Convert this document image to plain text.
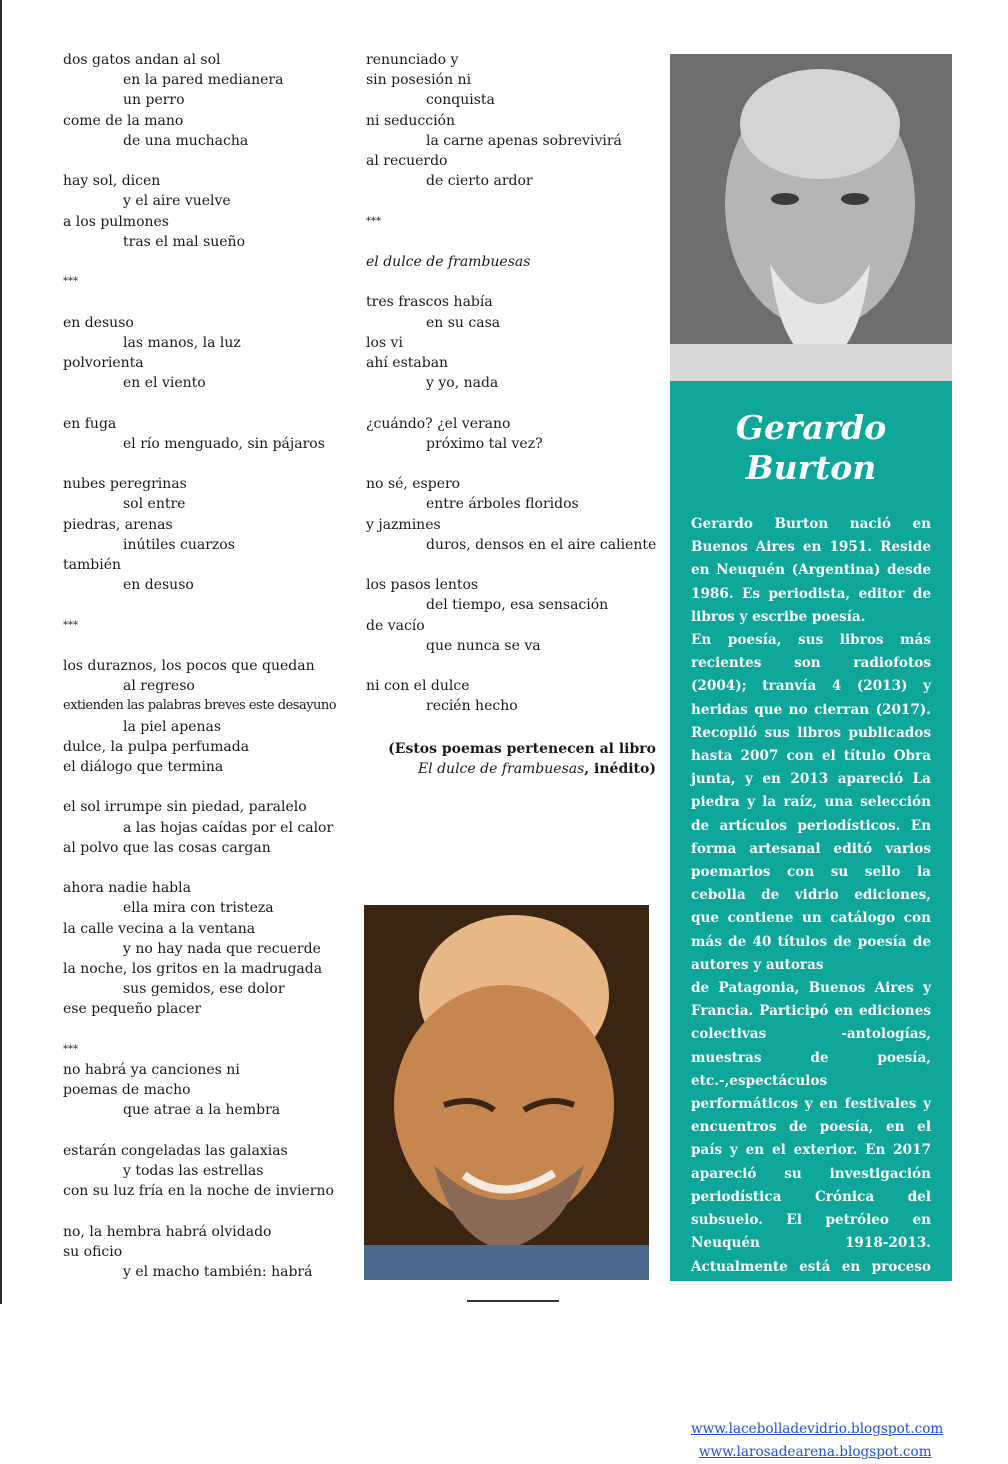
dos gatos andan al sol
en la pared medianera
un perro
come de la mano
de una muchacha
hay sol, dicen
y el aire vuelve
a los pulmones
tras el mal sueño
***
en desuso
las manos, la luz
polvorienta
en el viento
en fuga
el río menguado, sin pájaros
nubes peregrinas
sol entre
piedras, arenas
inútiles cuarzos
también
en desuso
***
los duraznos, los pocos que quedan
al regreso
extienden las palabras breves este desayuno
la piel apenas
dulce, la pulpa perfumada
el diálogo que termina
el sol irrumpe sin piedad, paralelo
a las hojas caídas por el calor
al polvo que las cosas cargan
ahora nadie habla
ella mira con tristeza
la calle vecina a la ventana
y no hay nada que recuerde
la noche, los gritos en la madrugada
sus gemidos, ese dolor
ese pequeño placer
***
no habrá ya canciones ni
poemas de macho
que atrae a la hembra
estarán congeladas las galaxias
y todas las estrellas
con su luz fría en la noche de invierno
no, la hembra habrá olvidado
su oficio
y el macho también: habrá
renunciado y
sin posesión ni
conquista
ni seducción
la carne apenas sobrevivirá
al recuerdo
de cierto ardor
***
el dulce de frambuesas
tres frascos había
en su casa
los vi
ahí estaban
y yo, nada
¿cuándo? ¿el verano
próximo tal vez?
no sé, espero
entre árboles floridos
y jazmines
duros, densos en el aire caliente
los pasos lentos
del tiempo, esa sensación
de vacío
que nunca se va
ni con el dulce
recién hecho
(Estos poemas pertenecen al libro
El dulce de frambuesas, inédito)
Gerardo Burton

Gerardo Burton nació en Buenos Aires en 1951. Reside en Neuquén (Argentina) desde 1986. Es periodista, editor de libros y escribe poesía.

En poesía, sus libros más recientes son radiofotos (2004); tranvía 4 (2013) y heridas que no cierran (2017). Recopiló sus libros publicados hasta 2007 con el título Obra junta, y en 2013 apareció La piedra y la raíz, una selección de artículos periodísticos. En forma artesanal editó varios poemarios con su sello la cebolla de vidrio ediciones, que contiene un catálogo con más de 40 títulos de poesía de autores y autoras

de Patagonia, Buenos Aires y Francia. Participó en ediciones colectivas -antologías, muestras de poesía, etc.-,espectáculos performáticos y en festivales y encuentros de poesía, en el país y en el exterior. En 2017 apareció su investigación periodística Crónica del subsuelo. El petróleo en Neuquén 1918-2013. Actualmente está en proceso de edición su libro cantares de junio, con poemas sobre los bombardeos de Plaza de Mayo el 16 de junio de 1955. Aprende pintura y gestiona los sitios:

www.lacebolladevidrio.blogspot.com
ywww.larosadearena.blogspot.com
